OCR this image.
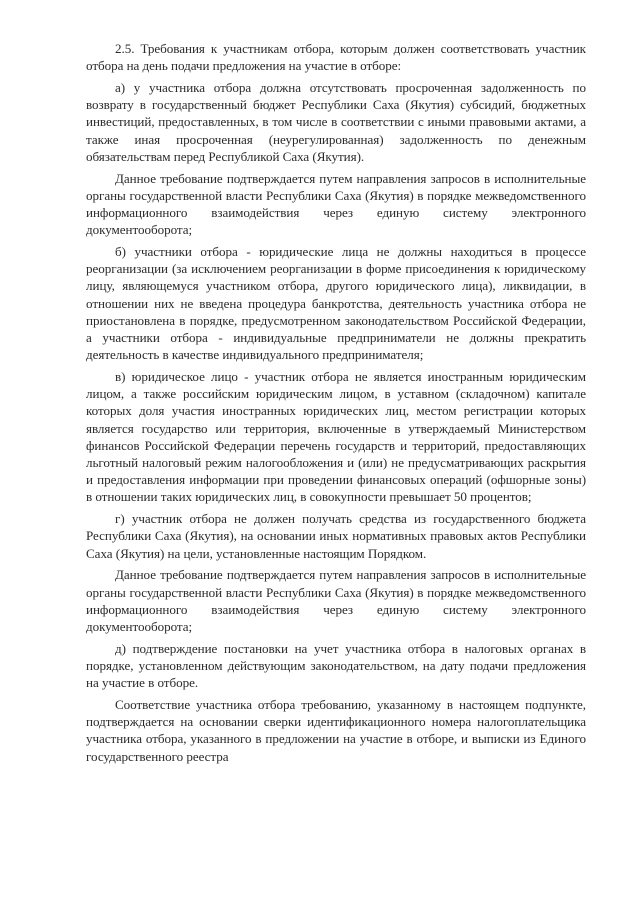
2.5. Требования к участникам отбора, которым должен соответствовать участник отбора на день подачи предложения на участие в отборе:

а) у участника отбора должна отсутствовать просроченная задолженность по возврату в государственный бюджет Республики Саха (Якутия) субсидий, бюджетных инвестиций, предоставленных, в том числе в соответствии с иными правовыми актами, а также иная просроченная (неурегулированная) задолженность по денежным обязательствам перед Республикой Саха (Якутия).

Данное требование подтверждается путем направления запросов в исполнительные органы государственной власти Республики Саха (Якутия) в порядке межведомственного информационного взаимодействия через единую систему электронного документооборота;

б) участники отбора - юридические лица не должны находиться в процессе реорганизации (за исключением реорганизации в форме присоединения к юридическому лицу, являющемуся участником отбора, другого юридического лица), ликвидации, в отношении них не введена процедура банкротства, деятельность участника отбора не приостановлена в порядке, предусмотренном законодательством Российской Федерации, а участники отбора - индивидуальные предприниматели не должны прекратить деятельность в качестве индивидуального предпринимателя;

в) юридическое лицо - участник отбора не является иностранным юридическим лицом, а также российским юридическим лицом, в уставном (складочном) капитале которых доля участия иностранных юридических лиц, местом регистрации которых является государство или территория, включенные в утверждаемый Министерством финансов Российской Федерации перечень государств и территорий, предоставляющих льготный налоговый режим налогообложения и (или) не предусматривающих раскрытия и предоставления информации при проведении финансовых операций (офшорные зоны) в отношении таких юридических лиц, в совокупности превышает 50 процентов;

г) участник отбора не должен получать средства из государственного бюджета Республики Саха (Якутия), на основании иных нормативных правовых актов Республики Саха (Якутия) на цели, установленные настоящим Порядком.

Данное требование подтверждается путем направления запросов в исполнительные органы государственной власти Республики Саха (Якутия) в порядке межведомственного информационного взаимодействия через единую систему электронного документооборота;

д) подтверждение постановки на учет участника отбора в налоговых органах в порядке, установленном действующим законодательством, на дату подачи предложения на участие в отборе.

Соответствие участника отбора требованию, указанному в настоящем подпункте, подтверждается на основании сверки идентификационного номера налогоплательщика участника отбора, указанного в предложении на участие в отборе, и выписки из Единого государственного реестра
